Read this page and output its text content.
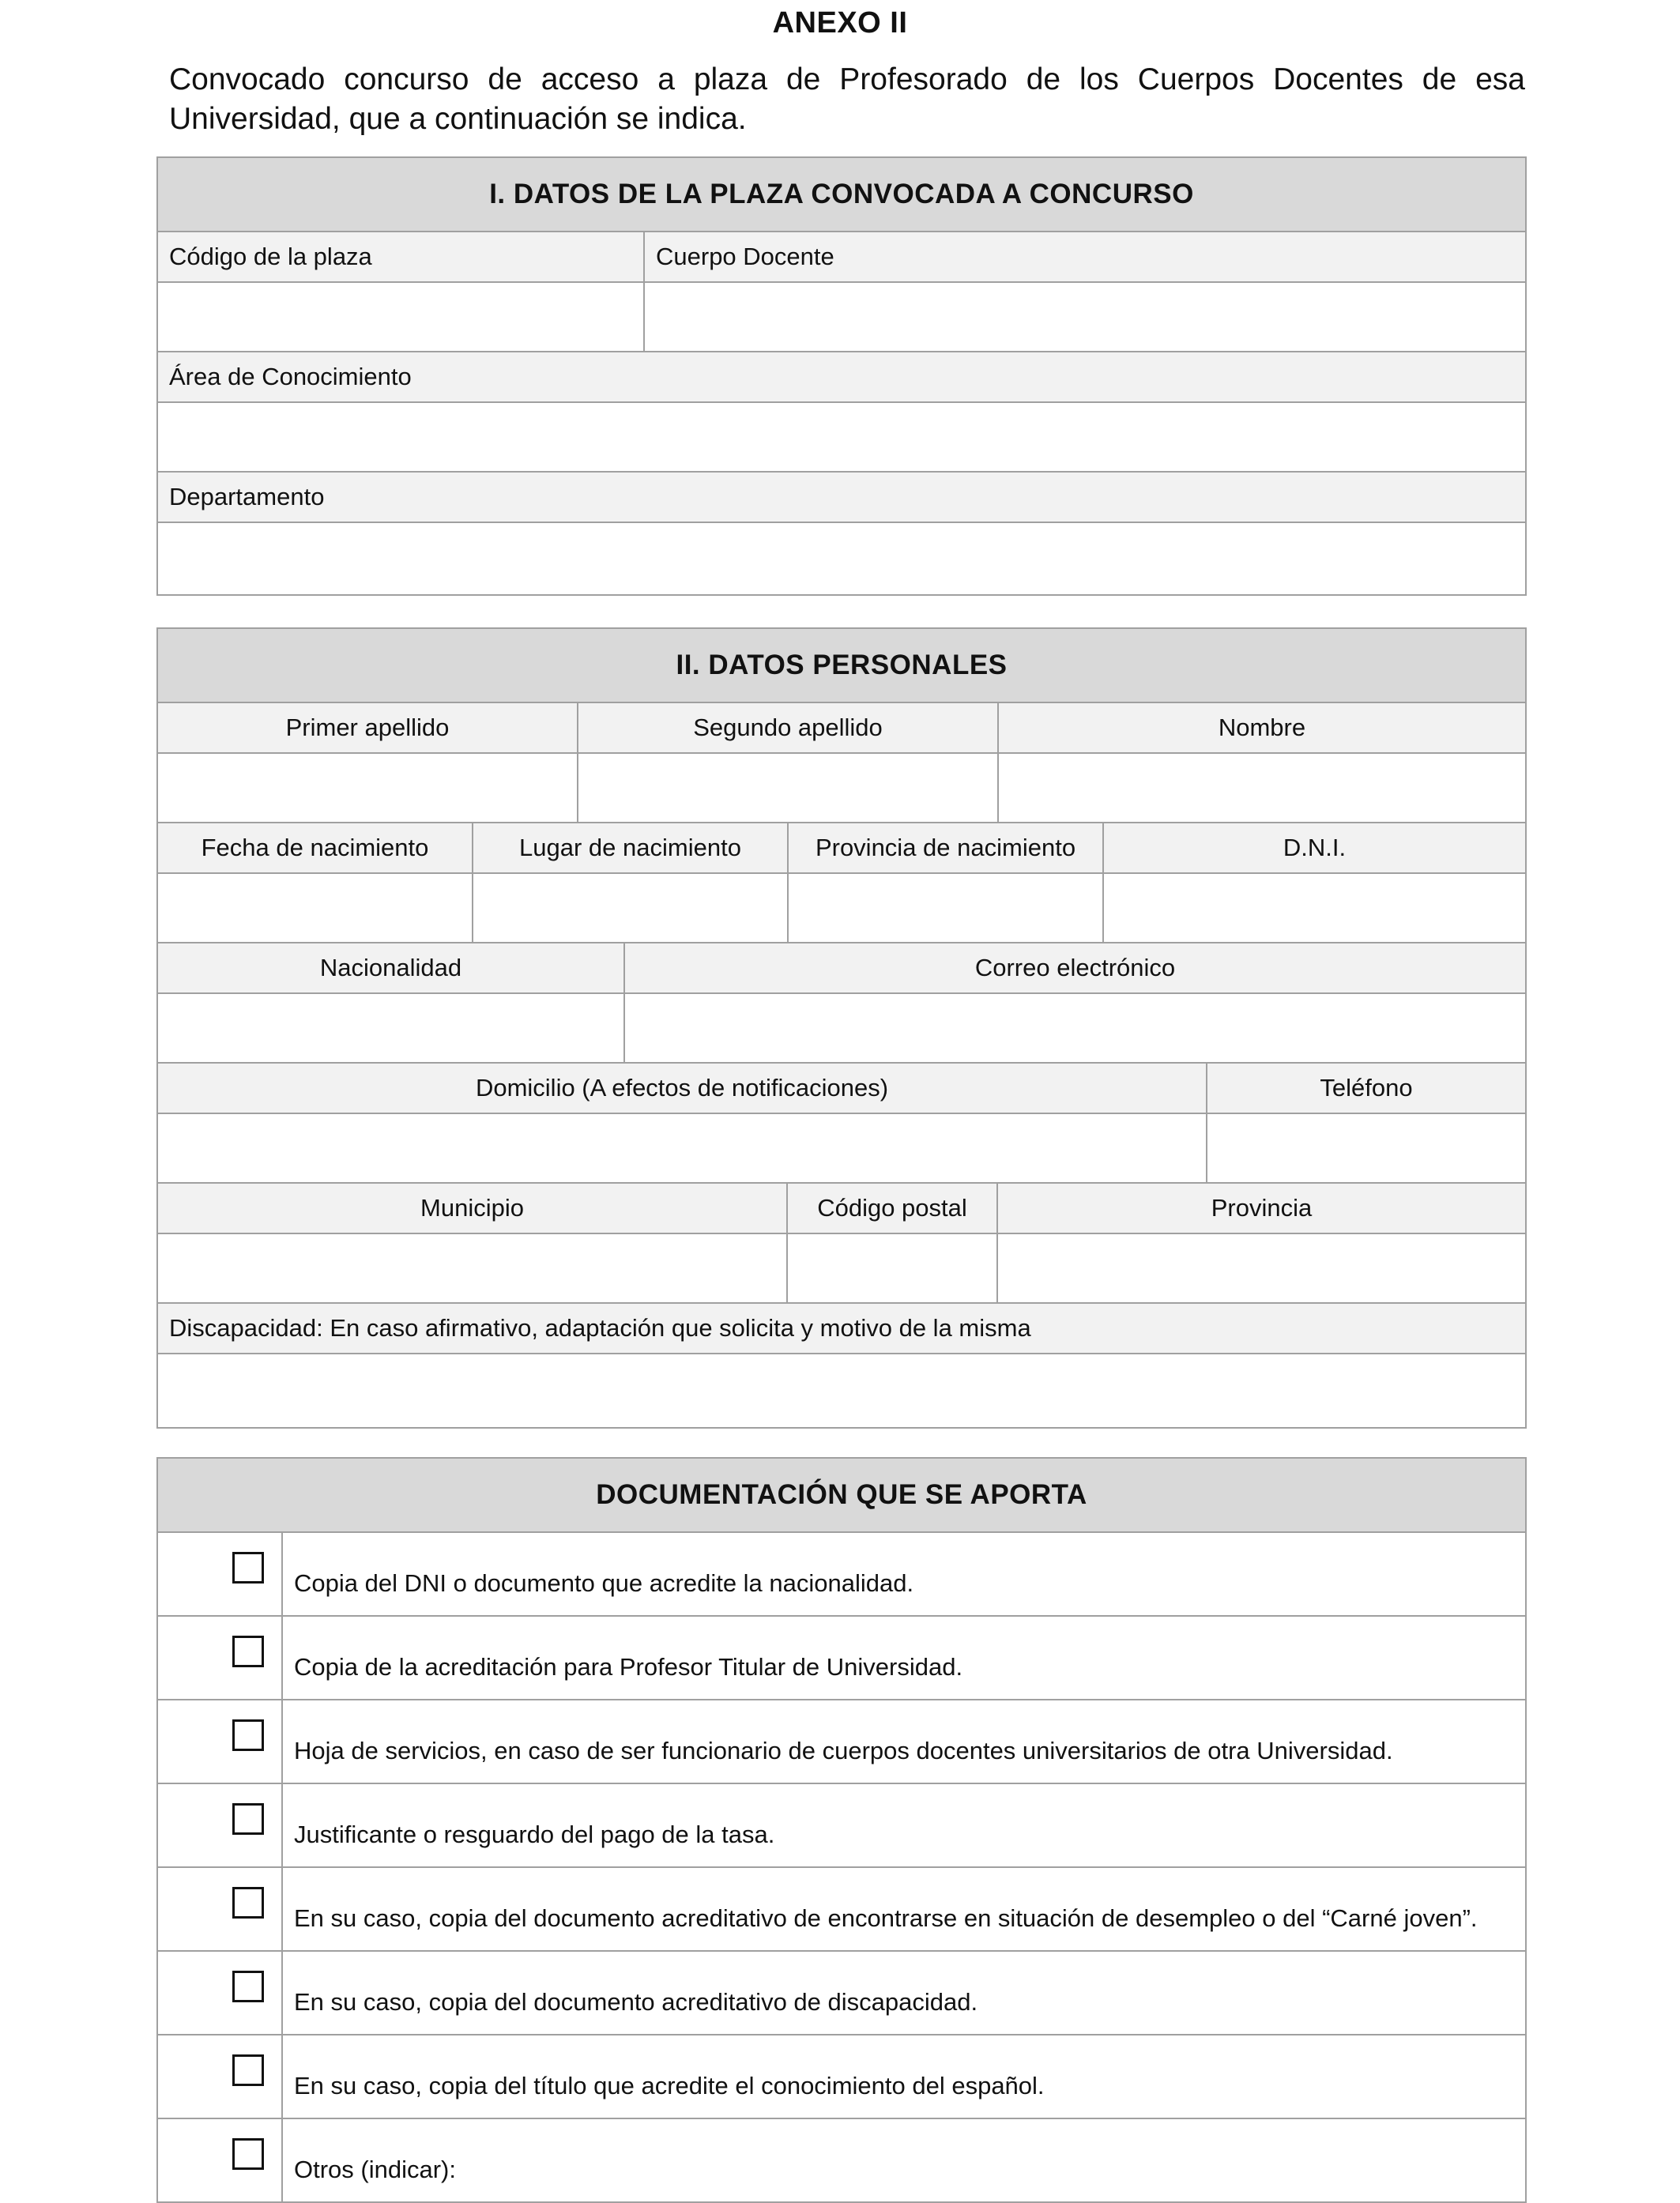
ANEXO II
Convocado concurso de acceso a plaza de Profesorado de los Cuerpos Docentes de esa Universidad, que a continuación se indica.
I. DATOS DE LA PLAZA CONVOCADA A CONCURSO
Código de la plaza	Cuerpo Docente
Área de Conocimiento
Departamento
II. DATOS PERSONALES
Primer apellido	Segundo apellido	Nombre
Fecha de nacimiento	Lugar de nacimiento	Provincia de nacimiento	D.N.I.
Nacionalidad	Correo electrónico
Domicilio (A efectos de notificaciones)	Teléfono
Municipio	Código postal	Provincia
Discapacidad: En caso afirmativo, adaptación que solicita y motivo de la misma
DOCUMENTACIÓN QUE SE APORTA
Copia del DNI o documento que acredite la nacionalidad.
Copia de la acreditación para Profesor Titular de Universidad.
Hoja de servicios, en caso de ser funcionario de cuerpos docentes universitarios de otra Universidad.
Justificante o resguardo del pago de la tasa.
En su caso, copia del documento acreditativo de encontrarse en situación de desempleo o del “Carné joven”.
En su caso, copia del documento acreditativo de discapacidad.
En su caso, copia del título que acredite el conocimiento del español.
Otros (indicar):
